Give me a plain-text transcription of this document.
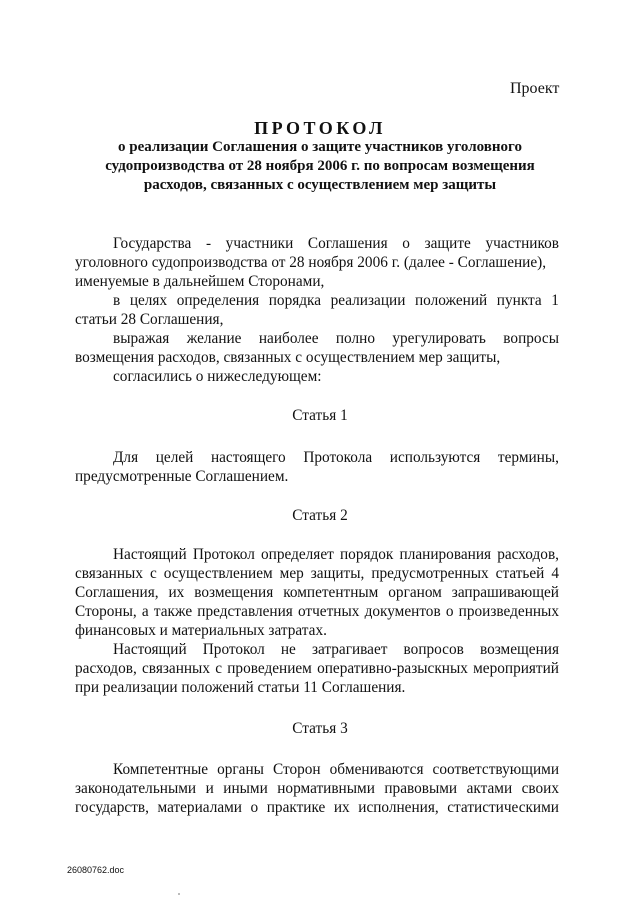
Проект
ПРОТОКОЛ
о реализации Соглашения о защите участников уголовного
судопроизводства от 28 ноября 2006 г. по вопросам возмещения
расходов, связанных с осуществлением мер защиты
Государства - участники Соглашения о защите участников
уголовного судопроизводства от 28 ноября 2006 г. (далее - Соглашение),
именуемые в дальнейшем Сторонами,
в целях определения порядка реализации положений пункта 1
статьи 28 Соглашения,
выражая желание наиболее полно урегулировать вопросы
возмещения расходов, связанных с осуществлением мер защиты,
согласились о нижеследующем:
Статья 1
Для целей настоящего Протокола используются термины,
предусмотренные Соглашением.
Статья 2

Настоящий Протокол определяет порядок планирования расходов, связанных с осуществлением мер защиты, предусмотренных статьей 4 Соглашения, их возмещения компетентным органом запрашивающей Стороны, а также представления отчетных документов о произведенных финансовых и материальных затратах.

Настоящий Протокол не затрагивает вопросов возмещения расходов, связанных с проведением оперативно-разыскных мероприятий при реализации положений статьи 11 Соглашения.

Статья 3

Компетентные органы Сторон обмениваются соответствующими законодательными и иными нормативными правовыми актами своих государств, материалами о практике их исполнения, статистическими

26080762.doc
